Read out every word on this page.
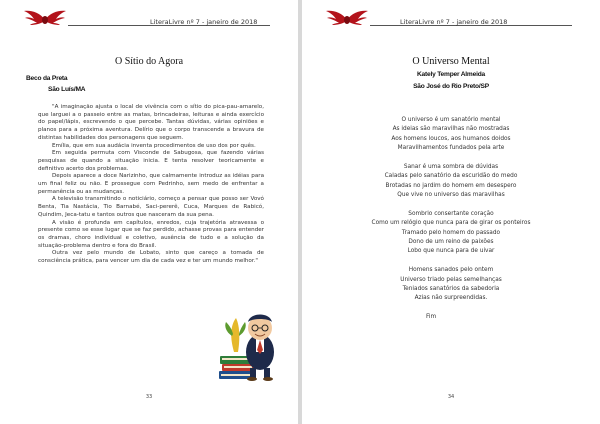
LiteraLivre nº 7 - janeiro de 2018
O Sítio do Agora
Beco da Preta
São Luís/MA

"A imaginação ajusta o local de vivência com o sítio do pica-pau-amarelo, que larguei a o passeio entre as matas, brincadeiras, leituras e ainda exercício do papel/lápis, escrevendo o que percebe. Tantas dúvidas, várias opiniões e planos para a próxima aventura. Delírio que o corpo transcende a bravura de distintas habilidades dos personagens que seguem.

Emília, que em sua audácia inventa procedimentos de uso dos por quês.

Em seguida permuta com Visconde de Sabugosa, que fazendo várias pesquisas de quando a situação inicia. E tenta resolver teoricamente e definitivo acerto dos problemas.

Depois aparece a doce Narizinho, que calmamente introduz as idéias para um final feliz ou não. E prossegue com Pedrinho, sem medo de enfrentar a permanência ou as mudanças.

A televisão transmitindo o noticiário, começo a pensar que posso ser Vovó Benta, Tia Nastácia, Tio Barnabé, Saci-pererê, Cuca, Marques de Rabicó, Quindim, Jeca-tatu e tantos outros que nasceram da sua pena.

A visão é profunda em capítulos, enredos, cuja trajetória atravessa o presente como se esse lugar que se faz perdido, achasse provas para entender os dramas, choro individual e coletivo, ausência de tudo e a solução da situação-problema dentro e fora do Brasil.

Outra vez pelo mundo de Lobato, sinto que careço a tomada de consciência prática, para vencer um dia de cada vez e ter um mundo melhor."

33
LiteraLivre nº 7 - janeiro de 2018
O Universo Mental
Kately Temper Almeida
São José do Rio Preto/SP
O universo é um sanatório mental
As ideias são maravilhas não mostradas
Aos homens loucos, aos humanos doidos
Maravilhamentos fundados pela arte
Sanar é uma sombra de dúvidas
Caladas pelo sanatório da escuridão do medo
Brotadas no jardim do homem em desespero
Que vive no universo das maravilhas
Sombrio consertante coração
Como um relógio que nunca para de girar os ponteiros
Tramado pelo homem do passado
Dono de um reino de paixões
Lobo que nunca para de uivar
Homens sanados pelo ontem
Universo triado pelas semelhanças
Teniados sanatórios da sabedoria
Azias não surpreendidas.
Fim
34
